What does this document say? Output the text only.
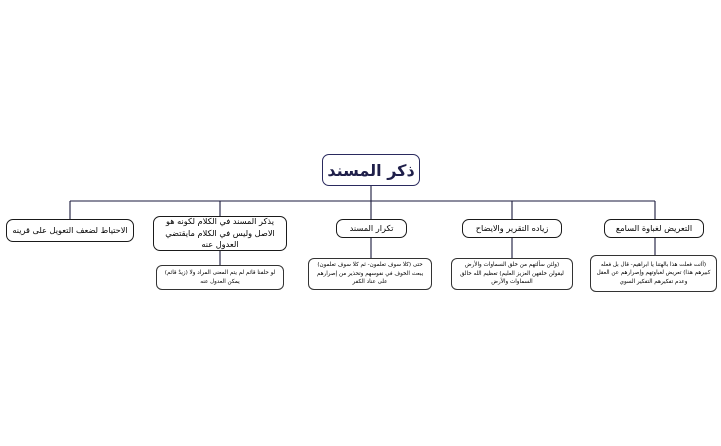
ذكر المسند
الاحتياط لضعف التعويل على قرينه
يذكر المسند في الكلام لكونه هو الاصل وليس في الكلام مايقتضي العدول عنه
لو حلفنا قائم لم يتم المعنى المراد ولا (زيدٌ قائم) يمكن العدول عنه
تكرار المسند
حتى (كلا سوف تعلمون- ثم كلا سوف تعلمون) يبعث الخوف في نفوسهم وتحذير من إصرارهم على عناد الكفر
زياده التقرير والايضاح
(ولئن سألتهم من خلق السماوات والأرض ليقولن خلقهن العزيز العليم) تعظيم الله خالق السماوات والأرض
التعريض لغباوة السامع
(أانت فعلت هذا بالهتنا يا ابراهيم- قال بل فعله كبيرهم هذا) تعريض لغباوتهم وإصرارهم عن العقل وعدم تفكيرهم التفكير السوي
